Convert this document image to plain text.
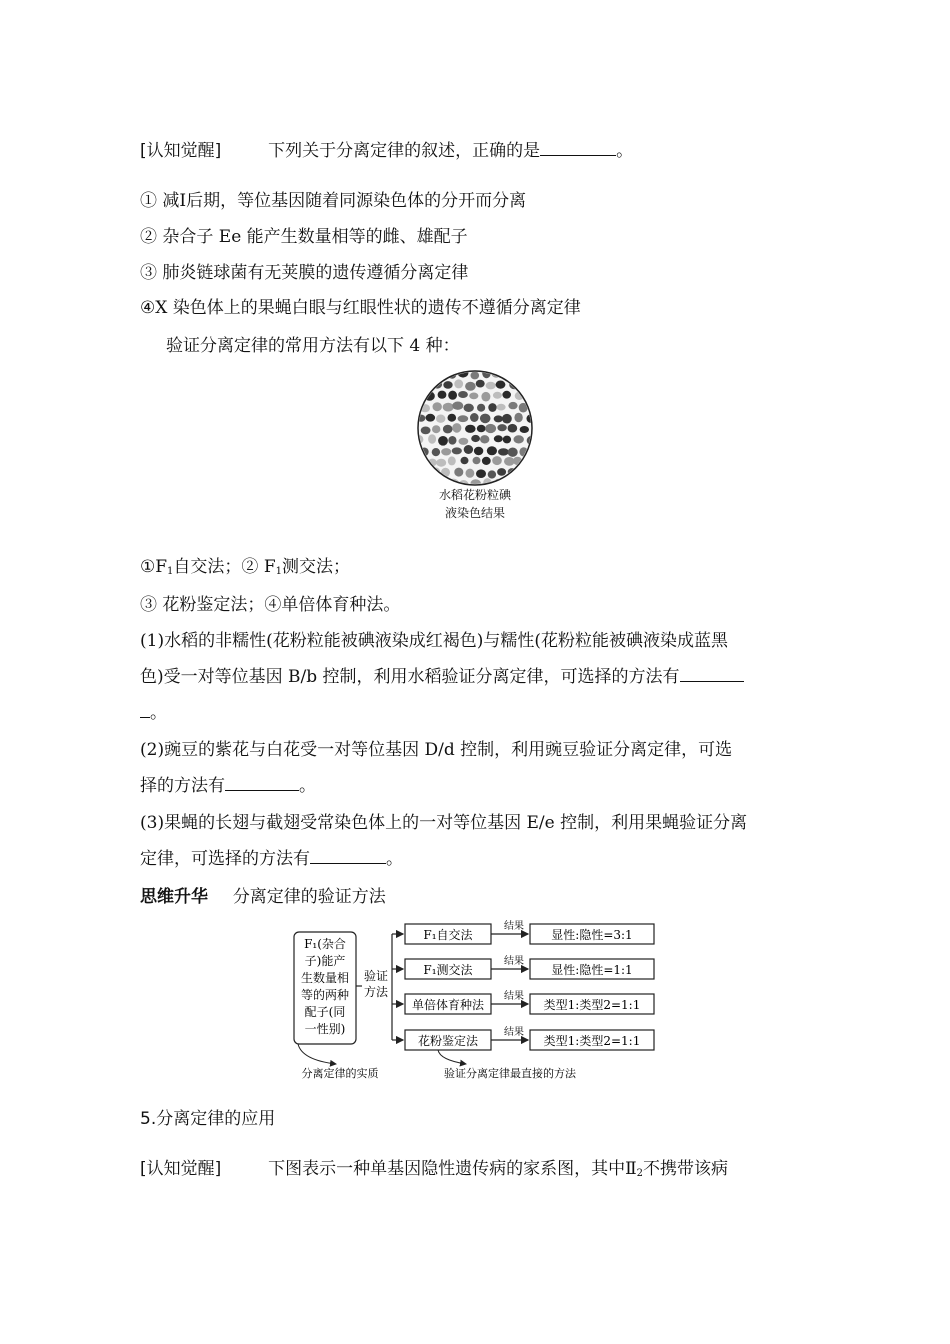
[认知觉醒]	下列关于分离定律的叙述，正确的是	。
① 减Ⅰ后期，等位基因随着同源染色体的分开而分离
② 杂合子 Ee 能产生数量相等的雌、雄配子
③ 肺炎链球菌有无荚膜的遗传遵循分离定律
④X 染色体上的果蝇白眼与红眼性状的遗传不遵循分离定律
验证分离定律的常用方法有以下 4 种：
水稻花粉粒碘
液染色结果
$①F_1$自交法；② $F_1$测交法；
③ 花粉鉴定法；④单倍体育种法。
(1)水稻的非糯性(花粉粒能被碘液染成红褐色)与糯性(花粉粒能被碘液染成蓝黑
色)受一对等位基因 B/b 控制，利用水稻验证分离定律，可选择的方法有
。
(2)豌豆的紫花与白花受一对等位基因 D/d 控制，利用豌豆验证分离定律，可选
择的方法有	。
(3)果蝇的长翅与截翅受常染色体上的一对等位基因 E/e 控制，利用果蝇验证分离
定律，可选择的方法有	。
思维升华 分离定律的验证方法
F₁(杂合
子)能产
生数量相
等的两种
配子(同
一性别)
验证
方法
F₁自交法
F₁测交法
单倍体育种法
花粉鉴定法
结果
结果
结果
结果
显性:隐性=3:1
显性:隐性=1:1
类型1:类型2=1:1
类型1:类型2=1:1
分离定律的实质	验证分离定律最直接的方法
5.分离定律的应用
[认知觉醒]	下图表示一种单基因隐性遗传病的家系图，其中$Ⅱ_2$不携带该病
